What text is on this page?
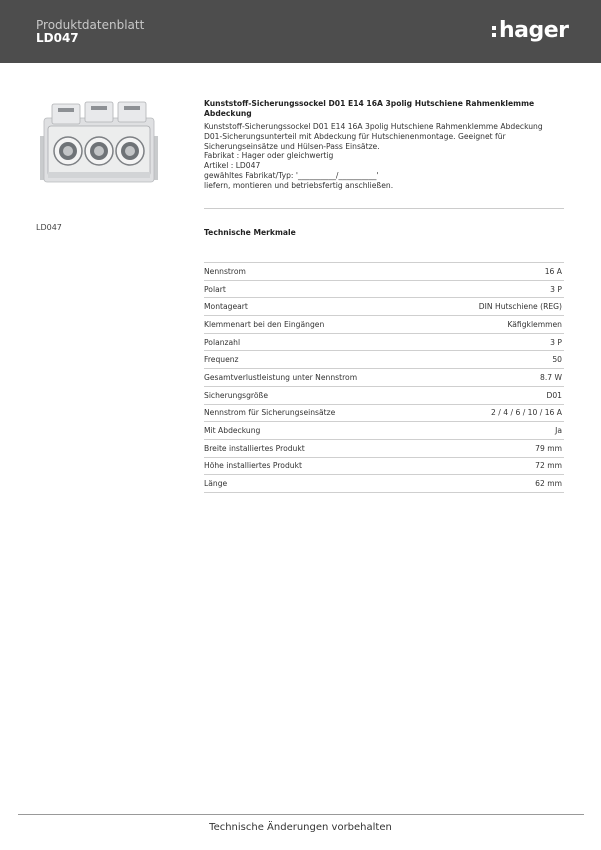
Produktdatenblatt
LD047	hager
LD047
Kunststoff-Sicherungssockel D01 E14 16A 3polig Hutschiene Rahmenklemme
Abdeckung
Kunststoff-Sicherungssockel D01 E14 16A 3polig Hutschiene Rahmenklemme Abdeckung
D01-Sicherungsunterteil mit Abdeckung für Hutschienenmontage. Geeignet für
Sicherungseinsätze und Hülsen-Pass Einsätze.
Fabrikat : Hager oder gleichwertig
Artikel : LD047
gewähltes Fabrikat/Typ: '__________/__________'
liefern, montieren und betriebsfertig anschließen.
Technische Merkmale
Nennstrom	16 A
Polart	3 P
Montageart	DIN Hutschiene (REG)
Klemmenart bei den Eingängen	Käfigklemmen
Polanzahl	3 P
Frequenz	50
Gesamtverlustleistung unter Nennstrom	8.7 W
Sicherungsgröße	D01
Nennstrom für Sicherungseinsätze	2 / 4 / 6 / 10 / 16 A
Mit Abdeckung	Ja
Breite installiertes Produkt	79 mm
Höhe installiertes Produkt	72 mm
Länge	62 mm
Technische Änderungen vorbehalten
